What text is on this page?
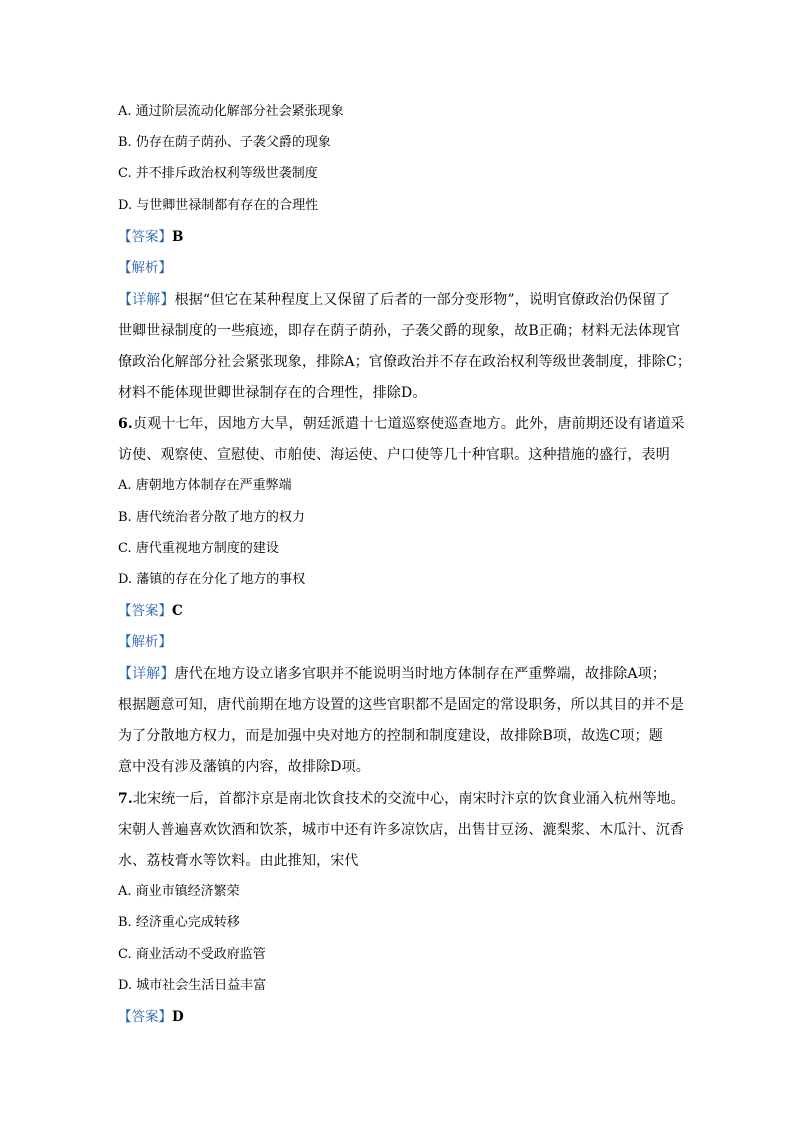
A. 通过阶层流动化解部分社会紧张现象
B. 仍存在荫子荫孙、子袭父爵的现象
C. 并不排斥政治权利等级世袭制度
D. 与世卿世禄制都有存在的合理性
【答案】B
【解析】
【详解】根据“但它在某种程度上又保留了后者的一部分变形物”，说明官僚政治仍保留了
世卿世禄制度的一些痕迹，即存在荫子荫孙，子袭父爵的现象，故B正确；材料无法体现官
僚政治化解部分社会紧张现象，排除A；官僚政治并不存在政治权利等级世袭制度，排除C；
材料不能体现世卿世禄制存在的合理性，排除D。
6.贞观十七年，因地方大旱，朝廷派遣十七道巡察使巡查地方。此外，唐前期还设有诸道采
访使、观察使、宣慰使、市舶使、海运使、户口使等几十种官职。这种措施的盛行，表明
A. 唐朝地方体制存在严重弊端
B. 唐代统治者分散了地方的权力
C. 唐代重视地方制度的建设
D. 藩镇的存在分化了地方的事权
【答案】C
【解析】
【详解】唐代在地方设立诸多官职并不能说明当时地方体制存在严重弊端，故排除A项；
根据题意可知，唐代前期在地方设置的这些官职都不是固定的常设职务，所以其目的并不是
为了分散地方权力，而是加强中央对地方的控制和制度建设，故排除B项，故选C项；题
意中没有涉及藩镇的内容，故排除D项。
7.北宋统一后，首都汴京是南北饮食技术的交流中心，南宋时汴京的饮食业涌入杭州等地。
宋朝人普遍喜欢饮酒和饮茶，城市中还有许多凉饮店，出售甘豆汤、漉梨浆、木瓜汁、沉香
水、荔枝膏水等饮料。由此推知，宋代
A. 商业市镇经济繁荣
B. 经济重心完成转移
C. 商业活动不受政府监管
D. 城市社会生活日益丰富
【答案】D
